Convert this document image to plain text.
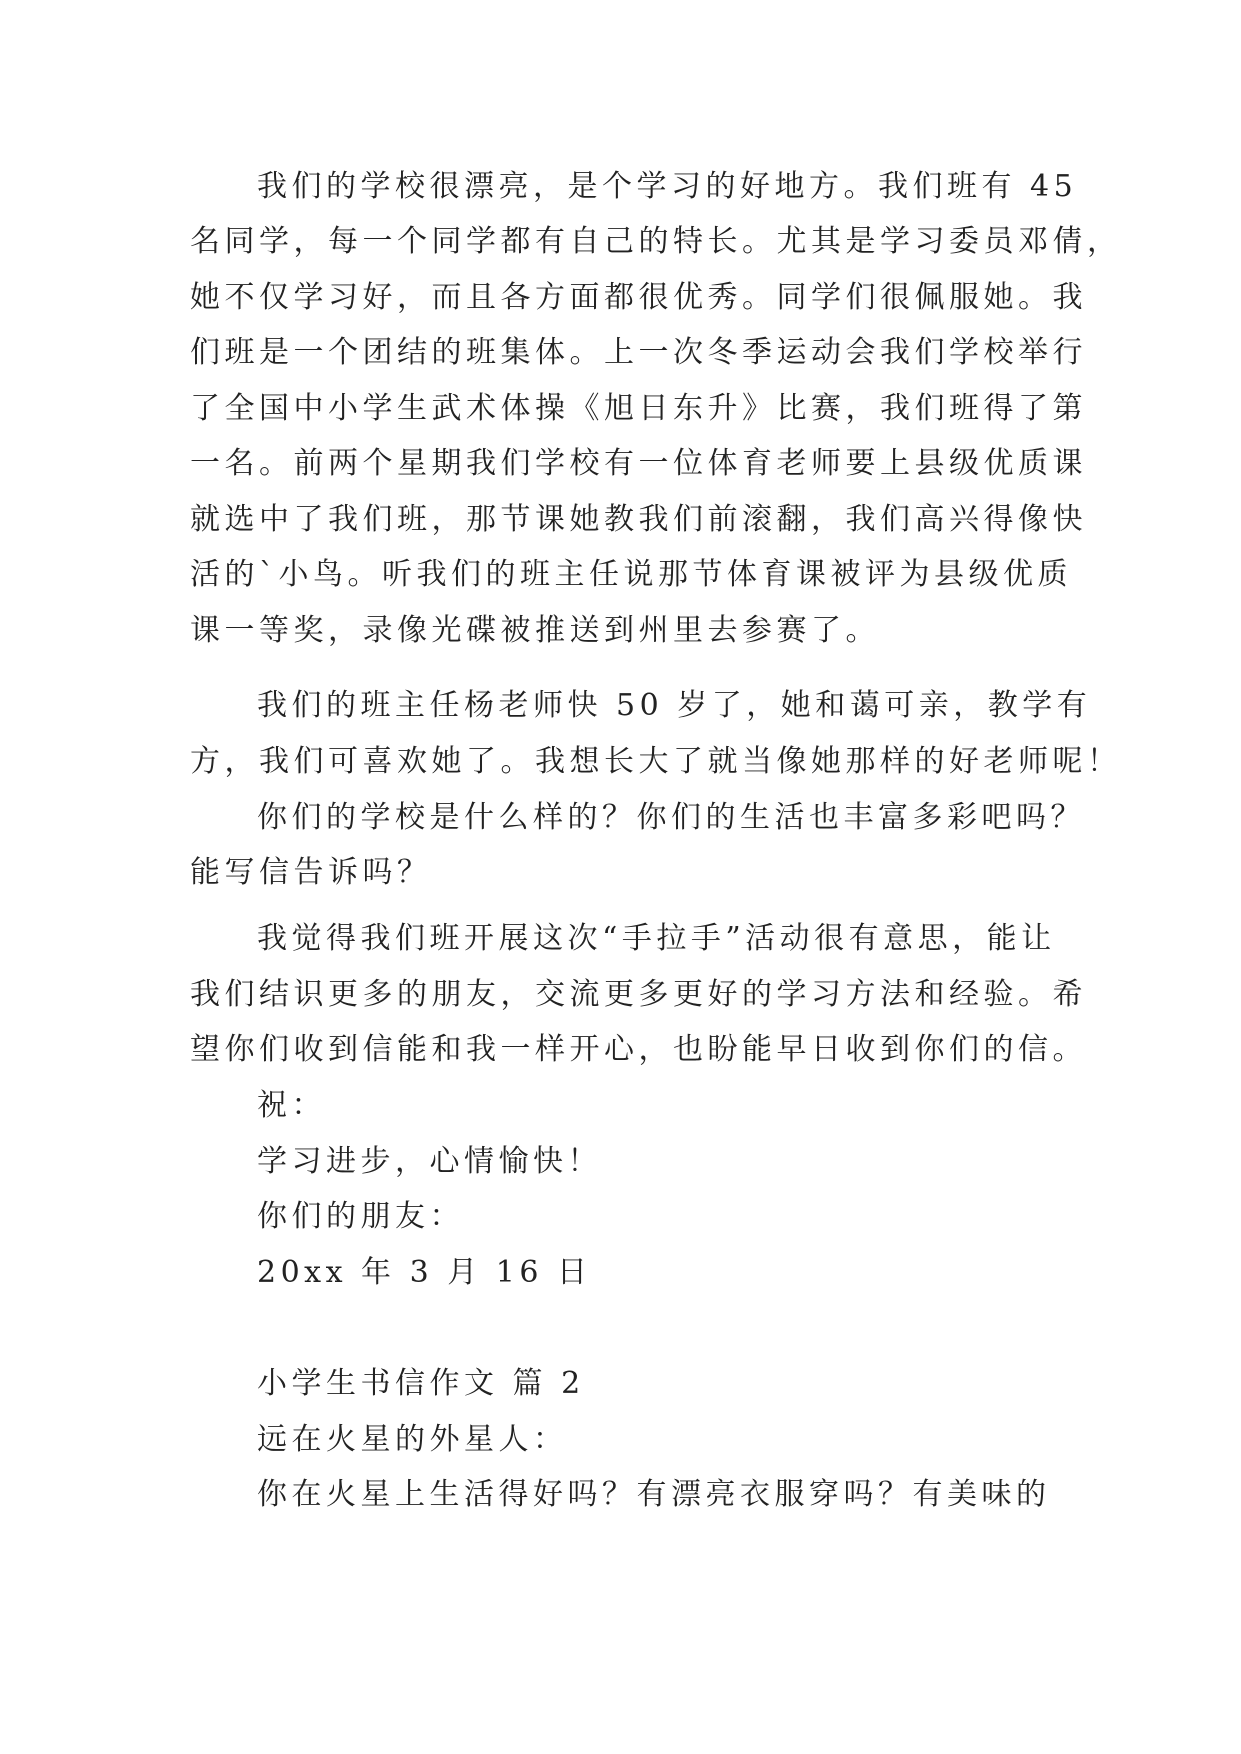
我们的学校很漂亮，是个学习的好地方。我们班有 45
名同学，每一个同学都有自己的特长。尤其是学习委员邓倩，
她不仅学习好，而且各方面都很优秀。同学们很佩服她。我
们班是一个团结的班集体。上一次冬季运动会我们学校举行
了全国中小学生武术体操《旭日东升》比赛，我们班得了第
一名。前两个星期我们学校有一位体育老师要上县级优质课
就选中了我们班，那节课她教我们前滚翻，我们高兴得像快
活的`小鸟。听我们的班主任说那节体育课被评为县级优质
课一等奖，录像光碟被推送到州里去参赛了。
我们的班主任杨老师快 50 岁了，她和蔼可亲，教学有
方，我们可喜欢她了。我想长大了就当像她那样的好老师呢！
你们的学校是什么样的？你们的生活也丰富多彩吧吗？
能写信告诉吗？
我觉得我们班开展这次“手拉手”活动很有意思，能让
我们结识更多的朋友，交流更多更好的学习方法和经验。希
望你们收到信能和我一样开心，也盼能早日收到你们的信。
祝：
学习进步，心情愉快！
你们的朋友：
20xx 年 3 月 16 日
小学生书信作文 篇 2
远在火星的外星人：
你在火星上生活得好吗？有漂亮衣服穿吗？有美味的
